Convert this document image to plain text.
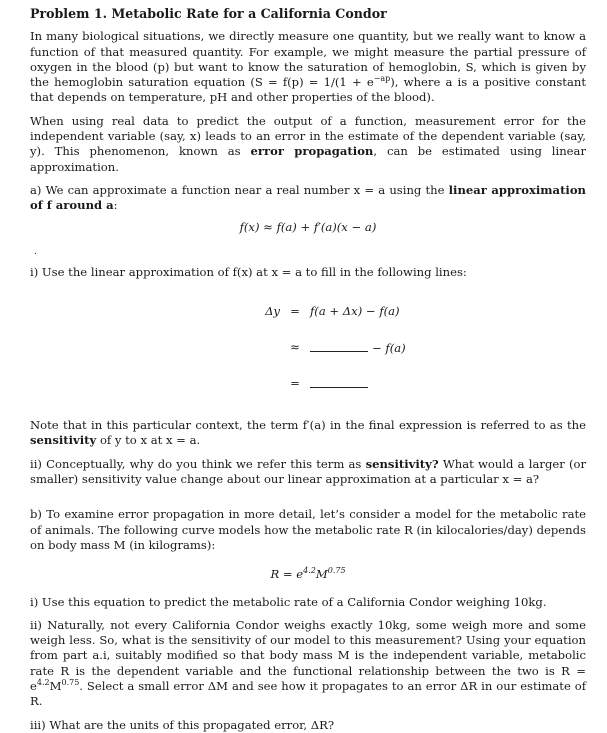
Problem 1. Metabolic Rate for a California Condor

In many biological situations, we directly measure one quantity, but we really want to know a function of that measured quantity. For example, we might measure the partial pressure of oxygen in the blood (p) but want to know the saturation of hemoglobin, S, which is given by the hemoglobin saturation equation ($S = f(p) = 1/(1 + e^{-ap})$, where a is a positive constant that depends on temperature, pH and other properties of the blood).

When using real data to predict the output of a function, measurement error for the independent variable (say, x) leads to an error in the estimate of the dependent variable (say, y). This phenomenon, known as error propagation, can be estimated using linear approximation.

a) We can approximate a function near a real number x = a using the linear approximation of f around a:

f(x) ≈ f(a) + f′(a)(x − a)
.

i) Use the linear approximation of f(x) at x = a to fill in the following lines:

Δy = f(a + Δx) − f(a)
≈	− f(a)
=

Note that in this particular context, the term f′(a) in the final expression is referred to as the sensitivity of y to x at x = a.

ii) Conceptually, why do you think we refer this term as sensitivity? What would a larger (or smaller) sensitivity value change about our linear approximation at a particular x = a?

b) To examine error propagation in more detail, let’s consider a model for the metabolic rate of animals. The following curve models how the metabolic rate R (in kilocalories/day) depends on body mass M (in kilograms):

$R = e^{4.2}M^{0.75}$

i) Use this equation to predict the metabolic rate of a California Condor weighing 10kg.

ii) Naturally, not every California Condor weighs exactly 10kg, some weigh more and some weigh less. So, what is the sensitivity of our model to this measurement? Using your equation from part a.i, suitably modified so that body mass M is the independent variable, metabolic rate R is the dependent variable and the functional relationship between the two is $R = e^{4.2}M^{0.75}$. Select a small error ΔM and see how it propagates to an error ΔR in our estimate of R.

iii) What are the units of this propagated error, ΔR?
